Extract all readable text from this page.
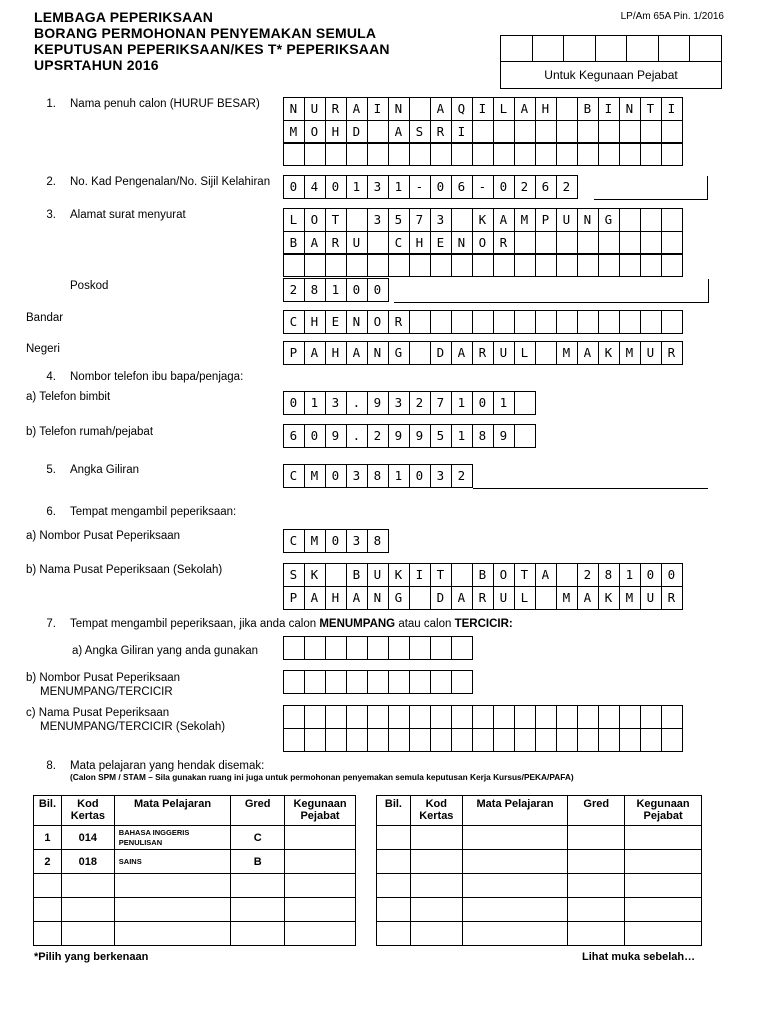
LEMBAGA PEPERIKSAAN
BORANG PERMOHONAN PENYEMAKAN SEMULA
KEPUTUSAN PEPERIKSAAN/KES T* PEPERIKSAAN
UPSRTAHUN 2016
LP/Am 65A Pin. 1/2016
Untuk Kegunaan Pejabat
1. Nama penuh calon (HURUF BESAR)	N U R A I N	A Q I L A H	B I N T I
M O H D	A S R I
2. No. Kad Pengenalan/No. Sijil Kelahiran	0 4 0 1 3 1 - 0 6 - 0 2 6 2
3. Alamat surat menyurat	L O T	3 5 7 3	K A M P U N G
B A R U	C H E N O R
Poskod	2 8 1 0 0
Bandar	C H E N O R
Negeri	P A H A N G	D A R U L	M A K M U R
4. Nombor telefon ibu bapa/penjaga:
a) Telefon bimbit	0 1 3 . 9 3 2 7 1 0 1
b) Telefon rumah/pejabat	6 0 9 . 2 9 9 5 1 8 9
5. Angka Giliran	C M 0 3 8 1 0 3 2
6. Tempat mengambil peperiksaan:
a) Nombor Pusat Peperiksaan	C M 0 3 8
b) Nama Pusat Peperiksaan (Sekolah)	S K	B U K I T	B O T A	2 8 1 0 0
P A H A N G	D A R U L	M A K M U R
7. Tempat mengambil peperiksaan, jika anda calon MENUMPANG atau calon TERCICIR:
a) Angka Giliran yang anda gunakan
b) Nombor Pusat Peperiksaan
MENUMPANG/TERCICIR
c) Nama Pusat Peperiksaan
MENUMPANG/TERCICIR (Sekolah)
8. Mata pelajaran yang hendak disemak:
(Calon SPM / STAM – Sila gunakan ruang ini juga untuk permohonan penyemakan semula keputusan Kerja Kursus/PEKA/PAFA)
Bil.	Kod Kertas	Mata Pelajaran	Gred	Kegunaan Pejabat
1	014	BAHASA INGGERIS PENULISAN	C	
2	018	SAINS	B	

Bil.	Kod Kertas	Mata Pelajaran	Gred	Kegunaan Pejabat

*Pilih yang berkenaan	Lihat muka sebelah…
